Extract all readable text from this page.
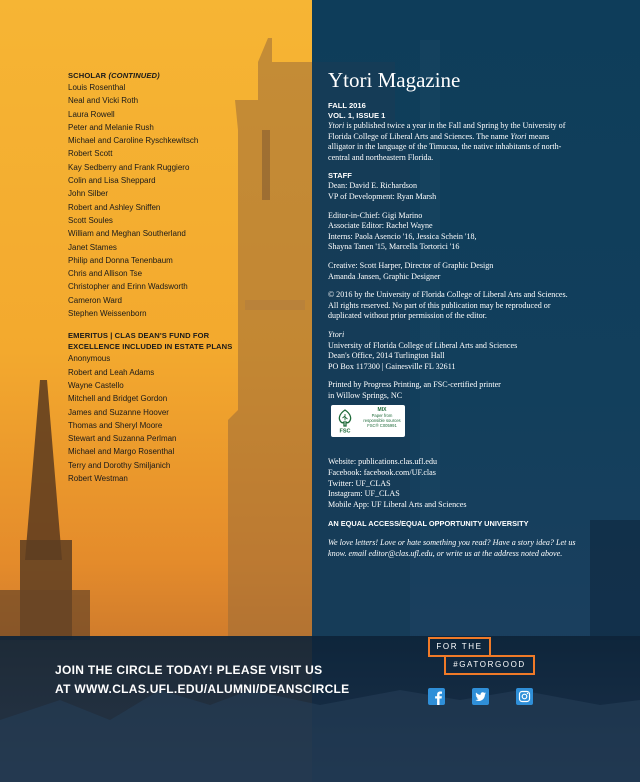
SCHOLAR (CONTINUED)
Louis Rosenthal
Neal and Vicki Roth
Laura Rowell
Peter and Melanie Rush
Michael and Caroline Ryschkewitsch
Robert Scott
Kay Sedberry and Frank Ruggiero
Colin and Lisa Sheppard
John Silber
Robert and Ashley Sniffen
Scott Soules
William and Meghan Southerland
Janet Stames
Philip and Donna Tenenbaum
Chris and Allison Tse
Christopher and Erinn Wadsworth
Cameron Ward
Stephen Weissenborn
EMERITUS | CLAS DEAN'S FUND FOR
EXCELLENCE INCLUDED IN ESTATE PLANS
Anonymous
Robert and Leah Adams
Wayne Castello
Mitchell and Bridget Gordon
James and Suzanne Hoover
Thomas and Sheryl Moore
Stewart and Suzanna Perlman
Michael and Margo Rosenthal
Terry and Dorothy Smiljanich
Robert Westman
Ytori Magazine
FALL 2016
VOL. 1, ISSUE 1

Ytori is published twice a year in the Fall and Spring by the University of Florida College of Liberal Arts and Sciences. The name Ytori means alligator in the language of the Timucua, the native inhabitants of north-central and northeastern Florida.

STAFF
Dean: David E. Richardson
VP of Development: Ryan Marsh
Editor-in-Chief: Gigi Marino
Associate Editor: Rachel Wayne
Interns: Paola Asencio '16, Jessica Schein '18,
Shayna Tanen '15, Marcella Tortorici '16
Creative: Scott Harper, Director of Graphic Design
Amanda Jansen, Graphic Designer

© 2016 by the University of Florida College of Liberal Arts and Sciences. All rights reserved. No part of this publication may be reproduced or duplicated without prior permission of the editor.

Ytori
University of Florida College of Liberal Arts and Sciences
Dean's Office, 2014 Turlington Hall
PO Box 117300 | Gainesville FL 32611
Printed by Progress Printing, an FSC-certified printer
in Willow Springs, NC
FSC
MIX
Paper from
responsible sources
FSC® C005991
Website: publications.clas.ufl.edu
Facebook: facebook.com/UF.clas
Twitter: UF_CLAS
Instagram: UF_CLAS
Mobile App: UF Liberal Arts and Sciences
AN EQUAL ACCESS/EQUAL OPPORTUNITY UNIVERSITY

We love letters! Love or hate something you read? Have a story idea? Let us know. email editor@clas.ufl.edu, or write us at the address noted above.

JOIN THE CIRCLE TODAY! PLEASE VISIT US
AT WWW.CLAS.UFL.EDU/ALUMNI/DEANSCIRCLE
FOR THE
#GATORGOOD
